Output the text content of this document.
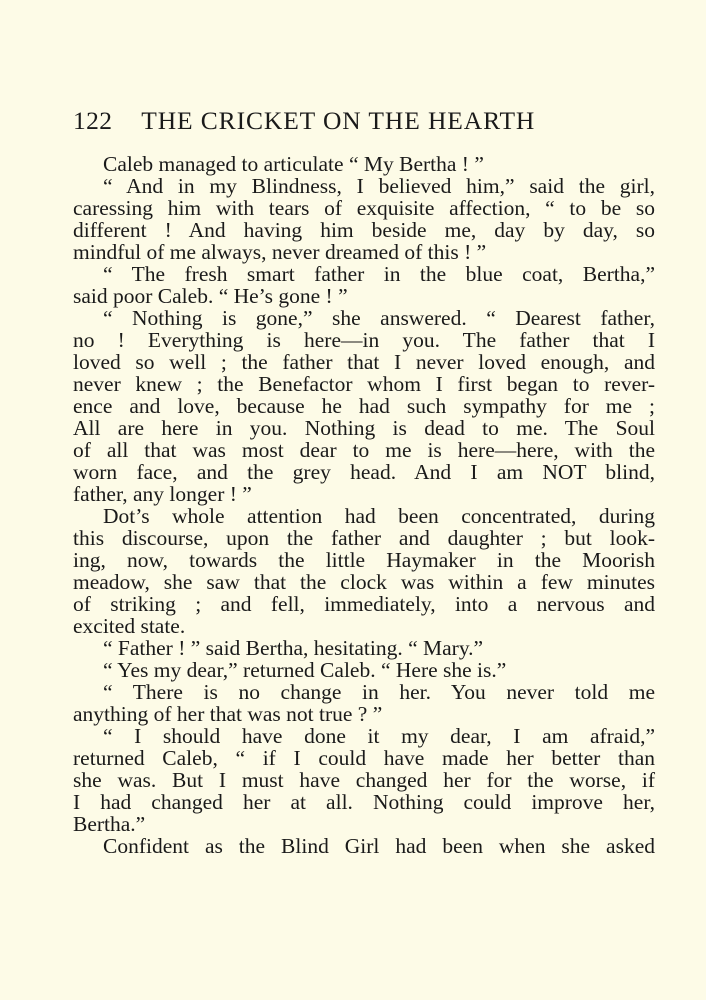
122 THE CRICKET ON THE HEARTH
Caleb managed to articulate “ My Bertha ! ”
“ And in my Blindness, I believed him,” said the girl,
caressing him with tears of exquisite affection, “ to be so
different ! And having him beside me, day by day, so
mindful of me always, never dreamed of this ! ”
“ The fresh smart father in the blue coat, Bertha,”
said poor Caleb. “ He’s gone ! ”
“ Nothing is gone,” she answered. “ Dearest father,
no ! Everything is here—in you. The father that I
loved so well ; the father that I never loved enough, and
never knew ; the Benefactor whom I first began to rever-
ence and love, because he had such sympathy for me ;
All are here in you. Nothing is dead to me. The Soul
of all that was most dear to me is here—here, with the
worn face, and the grey head. And I am NOT blind,
father, any longer ! ”
Dot’s whole attention had been concentrated, during
this discourse, upon the father and daughter ; but look-
ing, now, towards the little Haymaker in the Moorish
meadow, she saw that the clock was within a few minutes
of striking ; and fell, immediately, into a nervous and
excited state.
“ Father ! ” said Bertha, hesitating. “ Mary.”
“ Yes my dear,” returned Caleb. “ Here she is.”
“ There is no change in her. You never told me
anything of her that was not true ? ”
“ I should have done it my dear, I am afraid,”
returned Caleb, “ if I could have made her better than
she was. But I must have changed her for the worse, if
I had changed her at all. Nothing could improve her,
Bertha.”
Confident as the Blind Girl had been when she asked
